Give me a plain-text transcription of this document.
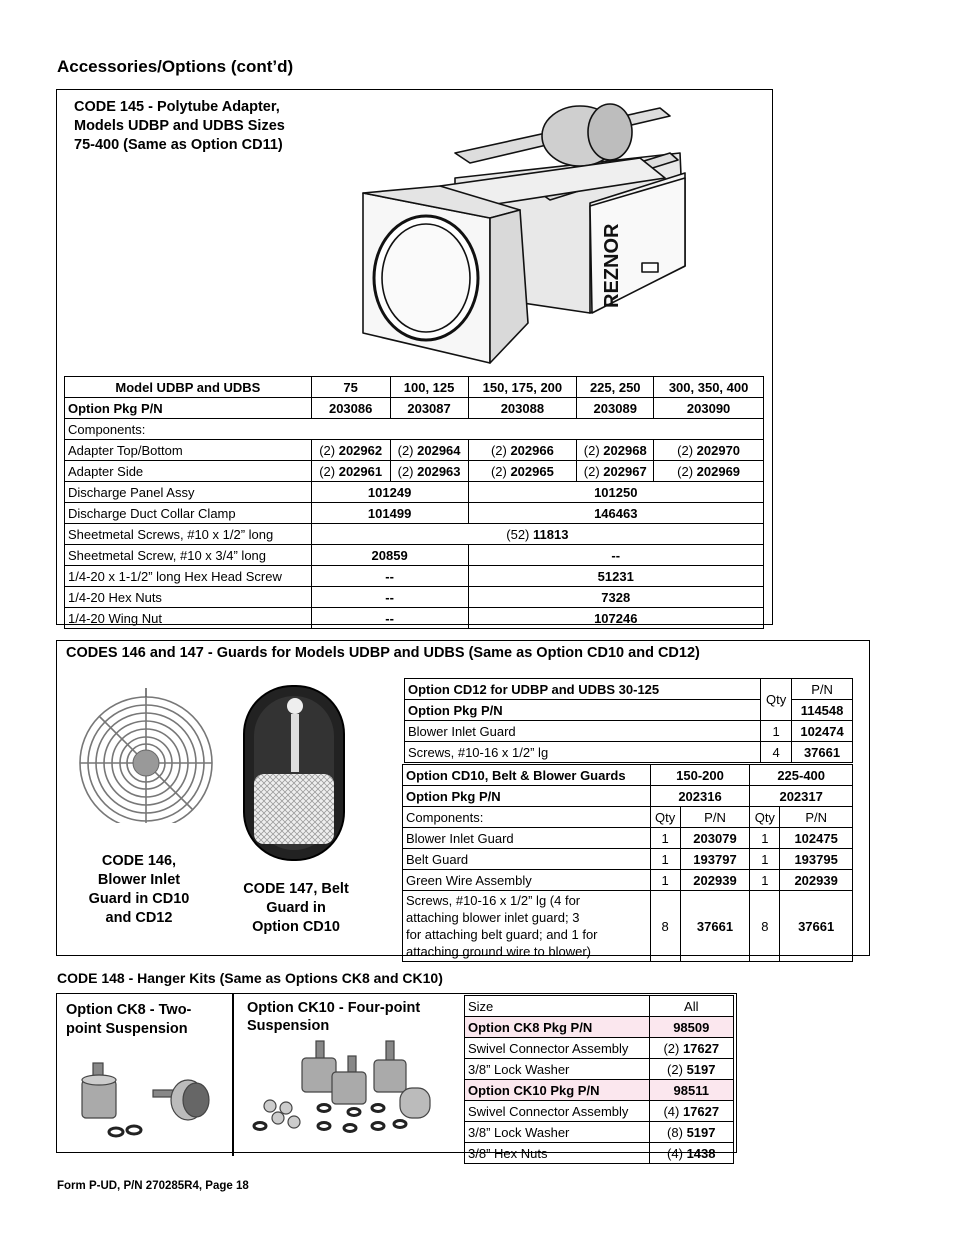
Accessories/Options (cont’d)
CODE 145 - Polytube Adapter,
Models UDBP and UDBS Sizes
75-400 (Same as Option CD11)
REZNOR
Model UDBP and UDBS	75	100, 125	150, 175, 200	225, 250	300, 350, 400
Option Pkg P/N	203086	203087	203088	203089	203090
Components:					
Adapter Top/Bottom	(2) 202962	(2) 202964	(2) 202966	(2) 202968	(2) 202970
Adapter Side	(2) 202961	(2) 202963	(2) 202965	(2) 202967	(2) 202969
Discharge Panel Assy	101249		101250		
Discharge Duct Collar Clamp	101499		146463		
Sheetmetal Screws, #10 x 1/2” long	(52) 11813				
Sheetmetal Screw, #10 x 3/4” long	20859		--		
1/4-20 x 1-1/2” long Hex Head Screw	--		51231		
1/4-20 Hex Nuts	--		7328		
1/4-20 Wing Nut	--		107246		
CODES 146 and 147 - Guards for Models UDBP and UDBS (Same as Option CD10 and CD12)
CODE 146,
Blower Inlet
Guard in CD10
and CD12
CODE 147, Belt
Guard in
Option CD10
Option CD12 for UDBP and UDBS 30-125	Qty	P/N
Option Pkg P/N		114548
Blower Inlet Guard	1	102474
Screws, #10-16 x 1/2” lg	4	37661
Option CD10, Belt & Blower Guards	150-200		225-400	
Option Pkg P/N	202316		202317	
Components:	Qty	P/N	Qty	P/N
Blower Inlet Guard	1	203079	1	102475
Belt Guard	1	193797	1	193795
Green Wire Assembly	1	202939	1	202939

Screws, #10-16 x 1/2” lg (4 for
attaching blower inlet guard; 3
for attaching belt guard; and 1 for
attaching ground wire to blower)	8	37661	8	37661
CODE 148 - Hanger Kits (Same as Options CK8 and CK10)
Option CK8 - Two-
point Suspension
Option CK10 - Four-point
Suspension
Size	All
Option CK8 Pkg P/N	98509
Swivel Connector Assembly	(2) 17627
3/8” Lock Washer	(2) 5197
Option CK10 Pkg P/N	98511
Swivel Connector Assembly	(4) 17627
3/8” Lock Washer	(8) 5197
3/8” Hex Nuts	(4) 1438
Form P-UD, P/N 270285R4, Page 18
